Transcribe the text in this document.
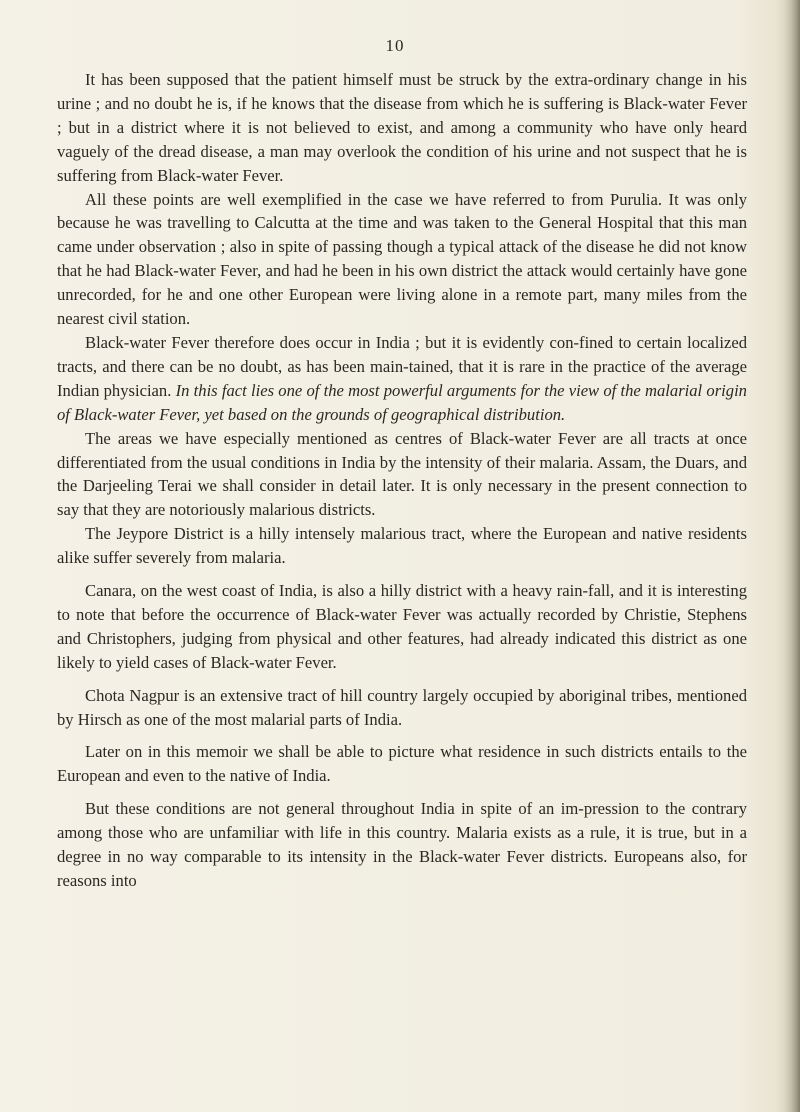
10

It has been supposed that the patient himself must be struck by the extra-ordinary change in his urine ; and no doubt he is, if he knows that the disease from which he is suffering is Black-water Fever ; but in a district where it is not believed to exist, and among a community who have only heard vaguely of the dread disease, a man may overlook the condition of his urine and not suspect that he is suffering from Black-water Fever.

All these points are well exemplified in the case we have referred to from Purulia. It was only because he was travelling to Calcutta at the time and was taken to the General Hospital that this man came under observation ; also in spite of passing though a typical attack of the disease he did not know that he had Black-water Fever, and had he been in his own district the attack would certainly have gone unrecorded, for he and one other European were living alone in a remote part, many miles from the nearest civil station.

Black-water Fever therefore does occur in India ; but it is evidently con-fined to certain localized tracts, and there can be no doubt, as has been main-tained, that it is rare in the practice of the average Indian physician. In this fact lies one of the most powerful arguments for the view of the malarial origin of Black-water Fever, yet based on the grounds of geographical distribution.

The areas we have especially mentioned as centres of Black-water Fever are all tracts at once differentiated from the usual conditions in India by the intensity of their malaria. Assam, the Duars, and the Darjeeling Terai we shall consider in detail later. It is only necessary in the present connection to say that they are notoriously malarious districts.

The Jeypore District is a hilly intensely malarious tract, where the European and native residents alike suffer severely from malaria.

Canara, on the west coast of India, is also a hilly district with a heavy rain-fall, and it is interesting to note that before the occurrence of Black-water Fever was actually recorded by Christie, Stephens and Christophers, judging from physical and other features, had already indicated this district as one likely to yield cases of Black-water Fever.

Chota Nagpur is an extensive tract of hill country largely occupied by aboriginal tribes, mentioned by Hirsch as one of the most malarial parts of India.

Later on in this memoir we shall be able to picture what residence in such districts entails to the European and even to the native of India.

But these conditions are not general throughout India in spite of an im-pression to the contrary among those who are unfamiliar with life in this country. Malaria exists as a rule, it is true, but in a degree in no way comparable to its intensity in the Black-water Fever districts. Europeans also, for reasons into
